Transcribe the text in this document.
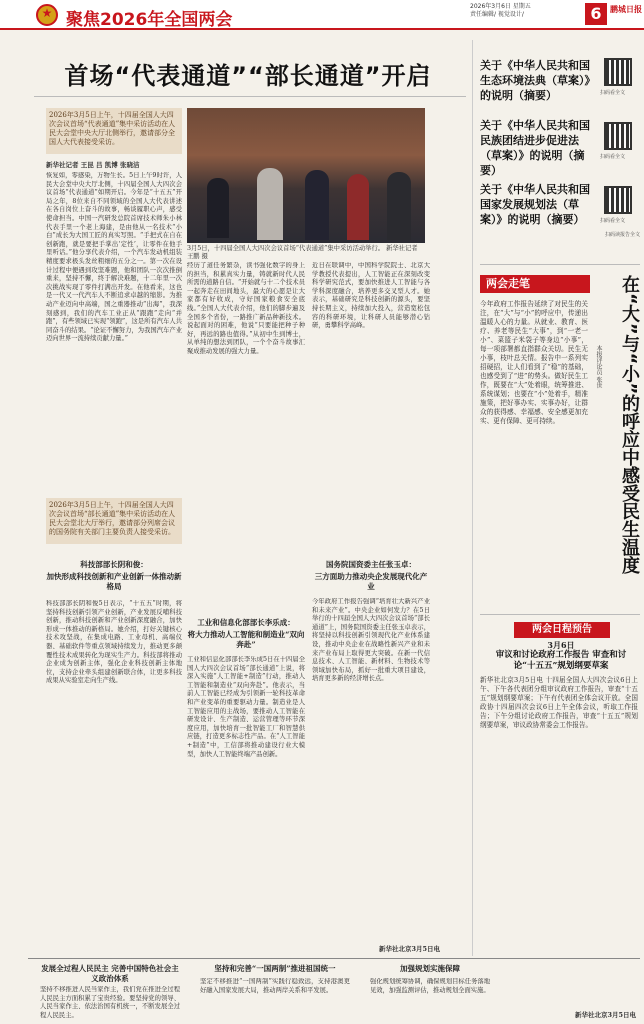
★ 聚焦2026年全国两会
2026年3月6日 星期五
责任编辑/ 视觉设计/	6	鹏城日报
首场“代表通道”“部长通道”开启
2026年3月5日上午，十四届全国人大四次会议首场“代表通道”集中采访活动在人民大会堂中央大厅北侧举行，邀请部分全国人大代表接受采访。
新华社记者 王昆 吕 凯博 张晓洁
恢复如，零感染，万物生长。5日上午9时许，人民大会堂中央大厅北侧，十四届全国人大四次会议首场“代表通道”如期开启。今年是“十五五”开局之年，8位来自不同领域的全国人大代表讲述在各自岗位上奋斗的故事，畅谈履职心声，感受使命担当。中国一汽研发总院首席技术师朱小林代表手里一个老上海建，是由他从一名技术“小白”成长为大国工匠的真实写照。“手把式在自在创新跑，就是要把手掌出‘定性’，让零件在他手里听话。”他分享代表介绍，一个汽车发动机组装精度要求极头发丝粗细的五分之一。第一次在设计过程中便遇到攻坚难题，他和团队一次次推倒重来，坚持不懈，终于解决难题，十二年里一次次挑战实现了零件打满出开发。在他看来，这也是一代又一代汽车人不断追求卓越的缩影。为推动产业迈向中高端，国之重器推动“出海”，我深刻感到，我们的汽车工业正从“跟跑”走向“并跑”，有些领域已实现“领跑”，这是所有汽车人共同奋斗的结果。“论证不懈努力，为我国汽车产业迈向世界一流持续贡献力量。”
3月5日，十四届全国人大四次会议首场“代表通道”集中采访活动举行。 新华社记者 王鹏 摄
经历了道任务繁杂，读书强化数字的身上的担当，积累真实力量，铸就新时代人民所需的道路自信。“开始就与十二个技术员一起奔走在田间地头，最大的心愿是让大家都有好收成，守好国家粮食安全底线。”全国人大代表介绍，他们的脚步遍及全国多个省份，一路推广新品种新技术。说起面对的困难，他说“只要能把种子种好，再远的路也值得。”从初中生到博士，从单纯的想法到团队，一个个奋斗故事汇聚成推动发展的强大力量。
近日在联调中，中国科学院院士、北京大学教授代表提出，人工智能正在深刻改变科学研究范式，要加快推进人工智能与各学科深度融合，培养更多交叉型人才。她表示，基础研究是科技创新的源头，要坚持长期主义，持续加大投入，营造宽松包容的科研环境，让科研人员能够潜心钻研，勇攀科学高峰。
2026年3月5日上午，十四届全国人大四次会议首场“部长通道”集中采访活动在人民大会堂北大厅举行，邀请部分列席会议的国务院有关部门主要负责人接受采访。
科技部部长阴和俊：
加快形成科技创新和产业创新一体推动新格局
科技部部长阴和俊5日表示，“十五五”时期，将坚持科技创新引领产业创新，产业发展反哺科技创新，推动科技创新和产业创新深度融合，加快形成一体推动的新格局。她介绍，打好关键核心技术攻坚战，在集成电路、工业母机、高端仪器、基础软件等重点领域持续发力，推动更多颠覆性技术成果转化为现实生产力。科技部将推动企业成为创新主体，强化企业科技创新主体地位，支持企业牵头组建创新联合体，让更多科技成果从实验室走向生产线。
工业和信息化部部长李乐成：
将大力推动人工智能和制造业“双向奔赴”
工业和信息化部部长李乐成5日在十四届全国人大四次会议首场“部长通道”上说，将深入实施“人工智能+制造”行动，推动人工智能和制造业“双向奔赴”。他表示，当前人工智能已经成为引领新一轮科技革命和产业变革的重要驱动力量。制造业是人工智能应用的主战场，要推动人工智能在研发设计、生产制造、运营管理等环节深度应用，加快培育一批智能工厂和智慧供应链，打造更多标志性产品。在“人工智能+制造”中，工信部将推动建设行业大模型，加快人工智能终端产品创新。
国务院国资委主任张玉卓：
三方面助力推动央企发展现代化产业
今年政府工作报告强调“培育壮大新兴产业和未来产业”。中央企业如何发力？在5日举行的十四届全国人大四次会议首场“部长通道”上，国务院国资委主任张玉卓表示，将坚持以科技创新引领现代化产业体系建设，推动中央企业在战略性新兴产业和未来产业布局上取得更大突破。在新一代信息技术、人工智能、新材料、生物技术等领域加快布局，抓好一批重大项目建设，培育更多新的经济增长点。
新华社北京3月5日电
关于《中华人民共和国生态环境法典（草案）》的说明（摘要）	扫码看全文
关于《中华人民共和国民族团结进步促进法（草案）》的说明（摘要）
扫码看全文
关于《中华人民共和国国家发展规划法（草案）》的说明（摘要）	扫码看全文
扫码读报告全文
两会走笔	在“大”与“小”的呼应中感受民生温度
本报评论员 张世
今年政府工作报告延续了对民生的关注，在“大”与“小”的呼应中，传递出温暖人心的力量。从就业、教育、医疗、养老等民生“大事”，到“一老一小”、菜篮子米袋子等身边“小事”，每一项部署都直指群众关切。民生无小事，枝叶总关情。报告中一系列实招硬招，让人们看到了“稳”的基础，也感受到了“进”的势头。做好民生工作，既要在“大”处着眼，统筹推进、系统谋划；也要在“小”处着手，精准施策，把好事办实、实事办好，让群众的获得感、幸福感、安全感更加充实、更有保障、更可持续。
两会日程预告
3月6日
审议和讨论政府工作报告 审查和讨论“十五五”规划纲要草案
新华社北京3月5日电 十四届全国人大四次会议6日上午、下午各代表团分组审议政府工作报告，审查“十五五”规划纲要草案；下午有代表团全体会议开放。全国政协十四届四次会议6日上午全体会议，听取工作报告；下午分组讨论政府工作报告，审查“十五五”规划纲要草案，审议政协常委会工作报告。
发展全过程人民民主 完善中国特色社会主义政治体系
坚持不移推进人民当家作主，我们党在推进全过程人民民主方面积累了宝贵经验。要坚持党的领导、人民当家作主、依法治国有机统一，不断发展全过程人民民主。
坚持和完善“一国两制”推进祖国统一
坚定不移推进“一国两制”实践行稳致远，支持港澳更好融入国家发展大局，推动两岸关系和平发展。
加强规划实施保障
强化规划统筹协调，确保规划目标任务落地见效，加强监测评估，推动规划全面实施。
新华社北京3月5日电
